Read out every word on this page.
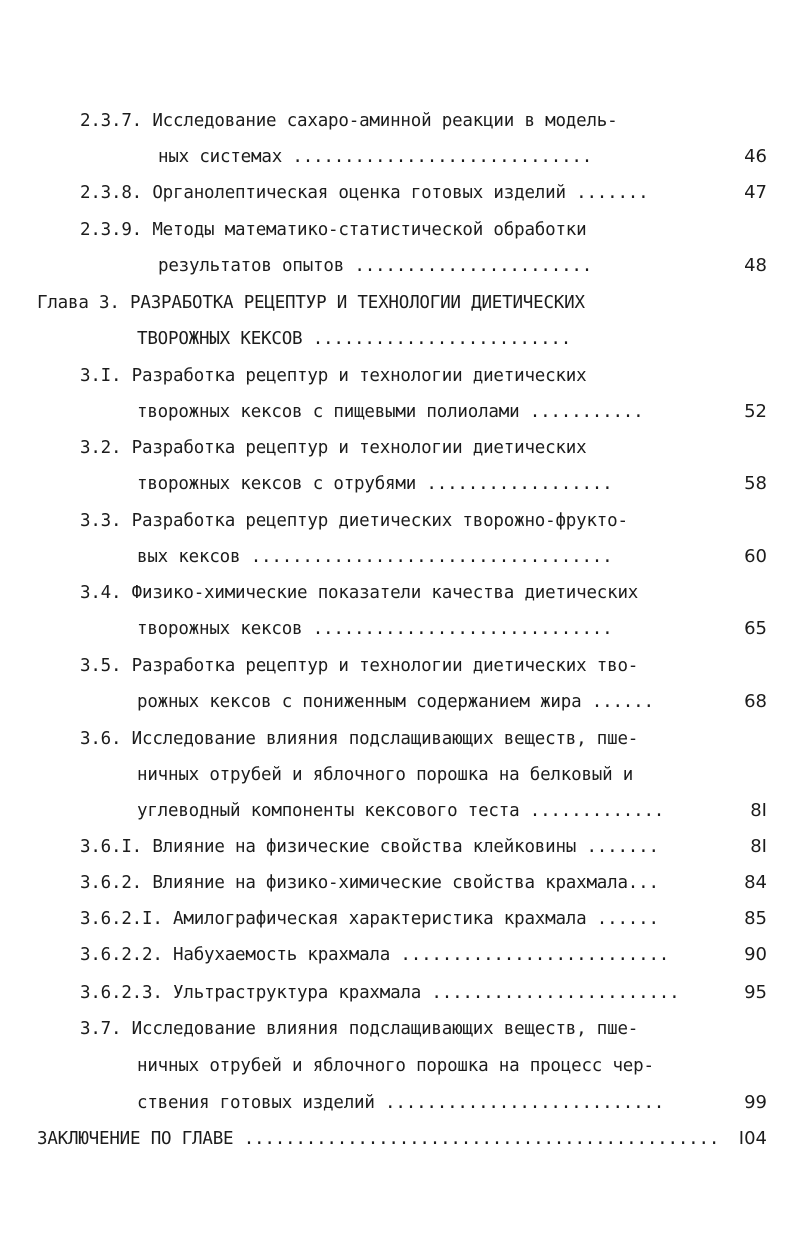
2.3.7. Исследование сахаро-аминной реакции в модель-
ных системах .............................	46
2.3.8. Органолептическая оценка готовых изделий .......	47
2.3.9. Методы математико-статистической обработки
результатов опытов .......................	48
Глава 3. РАЗРАБОТКА РЕЦЕПТУР И ТЕХНОЛОГИИ ДИЕТИЧЕСКИХ
ТВОРОЖНЫХ КЕКСОВ .........................
3.I. Разработка рецептур и технологии диетических
творожных кексов с пищевыми полиолами ...........	52
3.2. Разработка рецептур и технологии диетических
творожных кексов с отрубями ..................	58
3.3. Разработка рецептур диетических творожно-фрукто-
вых кексов ...................................	60
3.4. Физико-химические показатели качества диетических
творожных кексов .............................	65
3.5. Разработка рецептур и технологии диетических тво-
рожных кексов с пониженным содержанием жира ......	68
3.6. Исследование влияния подслащивающих веществ, пше-
ничных отрубей и яблочного порошка на белковый и
углеводный компоненты кексового теста .............	8I
3.6.I. Влияние на физические свойства клейковины .......	8I
3.6.2. Влияние на физико-химические свойства крахмала...	84
3.6.2.I. Амилографическая характеристика крахмала ......	85
3.6.2.2. Набухаемость крахмала ..........................	90
3.6.2.3. Ультраструктура крахмала ........................	95
3.7. Исследование влияния подслащивающих веществ, пше-
ничных отрубей и яблочного порошка на процесс чер-
ствения готовых изделий ...........................	99
ЗАКЛЮЧЕНИЕ ПО ГЛАВЕ ..............................................	I04
